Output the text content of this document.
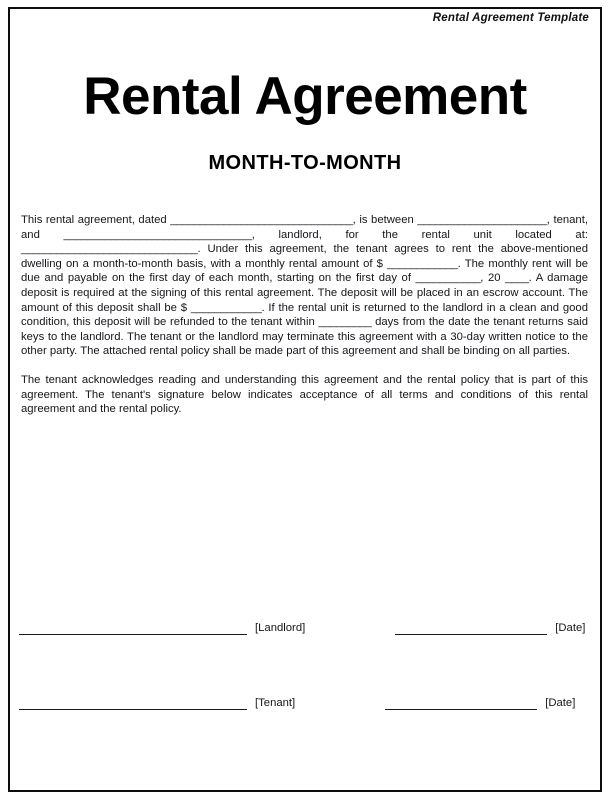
Rental Agreement Template
Rental Agreement
MONTH-TO-MONTH

This rental agreement, dated _______________________________, is between ______________________, tenant, and ________________________________, landlord, for the rental unit located at: ______________________________. Under this agreement, the tenant agrees to rent the above-mentioned dwelling on a month-to-month basis, with a monthly rental amount of $ ____________. The monthly rent will be due and payable on the first day of each month, starting on the first day of ___________, 20 ____. A damage deposit is required at the signing of this rental agreement. The deposit will be placed in an escrow account. The amount of this deposit shall be $ ____________. If the rental unit is returned to the landlord in a clean and good condition, this deposit will be refunded to the tenant within _________ days from the date the tenant returns said keys to the landlord. The tenant or the landlord may terminate this agreement with a 30-day written notice to the other party. The attached rental policy shall be made part of this agreement and shall be binding on all parties.

The tenant acknowledges reading and understanding this agreement and the rental policy that is part of this agreement. The tenant's signature below indicates acceptance of all terms and conditions of this rental agreement and the rental policy.

[Landlord]	[Date]
[Tenant]	[Date]
